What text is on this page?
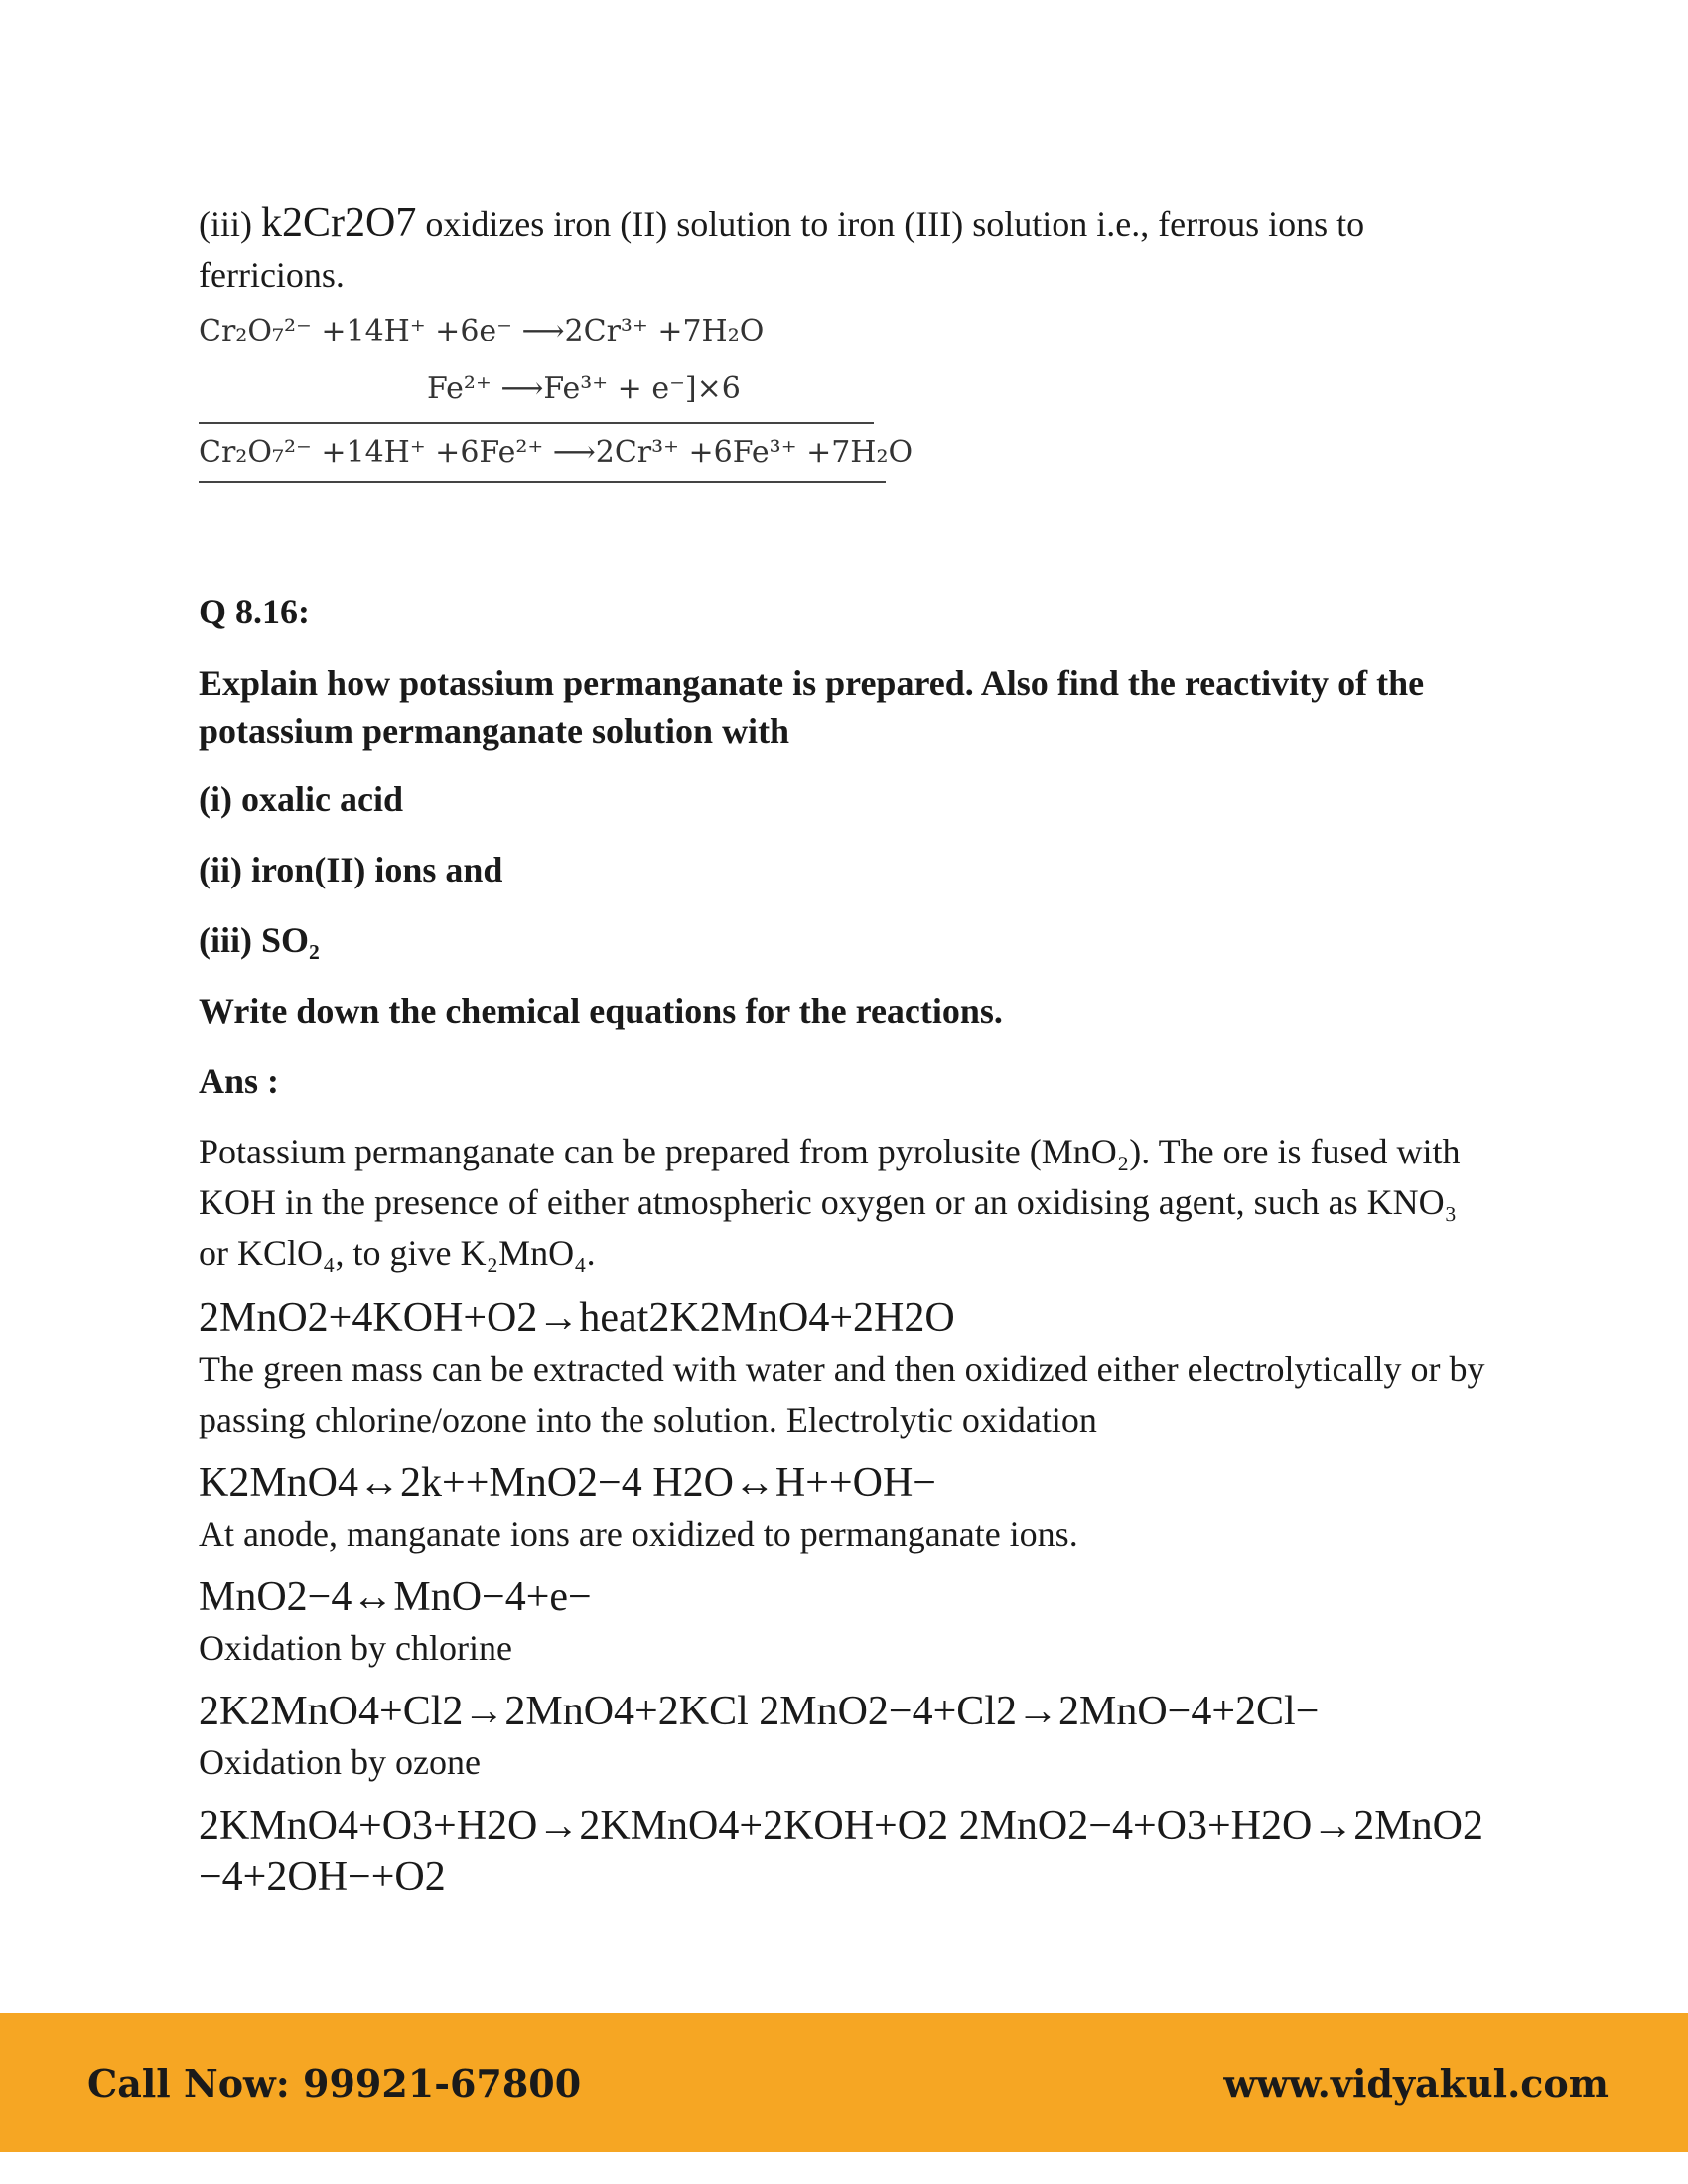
(iii) k2Cr2O7 oxidizes iron (II) solution to iron (III) solution i.e., ferrous ions to ferricions.

Cr₂O₇²⁻ +14H⁺ +6e⁻ ⟶2Cr³⁺ +7H₂O
Fe²⁺ ⟶Fe³⁺ + e⁻]×6
Cr₂O₇²⁻ +14H⁺ +6Fe²⁺ ⟶2Cr³⁺ +6Fe³⁺ +7H₂O

Q 8.16:

Explain how potassium permanganate is prepared. Also find the reactivity of the potassium permanganate solution with

(i) oxalic acid

(ii) iron(II) ions and

(iii) SO₂

Write down the chemical equations for the reactions.

Ans :

Potassium permanganate can be prepared from pyrolusite (MnO₂). The ore is fused with KOH in the presence of either atmospheric oxygen or an oxidising agent, such as KNO₃ or KClO₄, to give K₂MnO₄.

2MnO2+4KOH+O2→heat2K2MnO4+2H2O

The green mass can be extracted with water and then oxidized either electrolytically or by passing chlorine/ozone into the solution. Electrolytic oxidation

K2MnO4↔2k++MnO2−4 H2O↔H++OH−

At anode, manganate ions are oxidized to permanganate ions.

MnO2−4↔MnO−4+e−

Oxidation by chlorine

2K2MnO4+Cl2→2MnO4+2KCl 2MnO2−4+Cl2→2MnO−4+2Cl−

Oxidation by ozone

2KMnO4+O3+H2O→2KMnO4+2KOH+O2 2MnO2−4+O3+H2O→2MnO2−4+2OH−+O2

Call Now: 99921-67800	www.vidyakul.com
